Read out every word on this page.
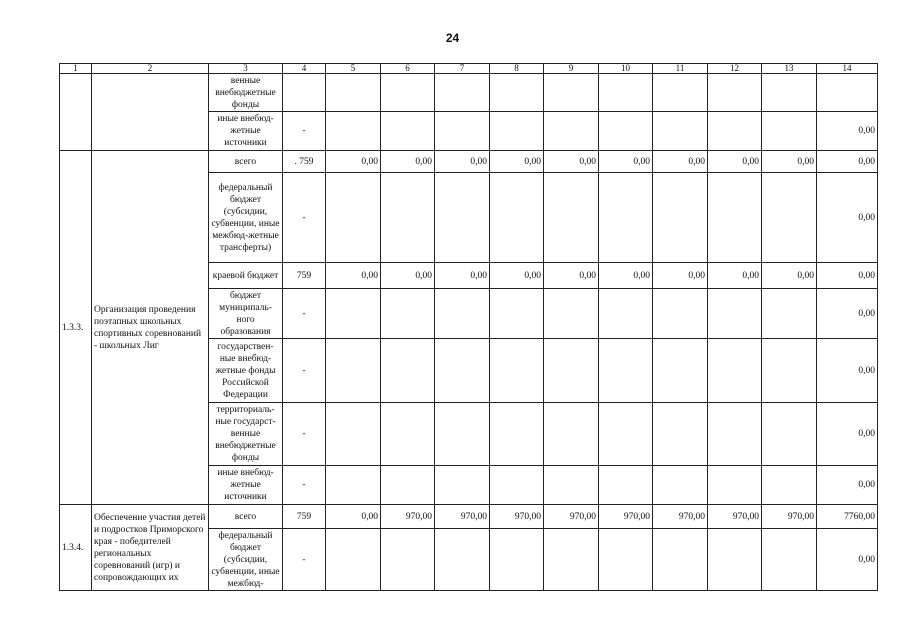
24
1	2	3	4	5	6	7	8	9	10	11	12	13	14
		венные внебюджетные фонды											
		иные внебюд-жетные источники	-										0,00
1.3.3.	Организация проведения поэтапных школьных спортивных соревнований - школьных Лиг	всего	. 759	0,00	0,00	0,00	0,00	0,00	0,00	0,00	0,00	0,00	0,00
		федеральный бюджет (субсидии, субвенции, иные межбюд-жетные трансферты)	-										0,00
		краевой бюджет	759	0,00	0,00	0,00	0,00	0,00	0,00	0,00	0,00	0,00	0,00
		бюджет муниципаль-ного образования	-										0,00
		государствен-ные внебюд-жетные фонды Российской Федерации	-										0,00
		территориаль-ные государст-венные внебюджетные фонды	-										0,00
		иные внебюд-жетные источники	-										0,00
1.3.4.	Обеспечение участия детей и подростков Приморского края - победителей региональных соревнований (игр) и сопровождающих их	всего	759	0,00	970,00	970,00	970,00	970,00	970,00	970,00	970,00	970,00	7760,00
		федеральный бюджет (субсидии, субвенции, иные межбюд-	-										0,00
